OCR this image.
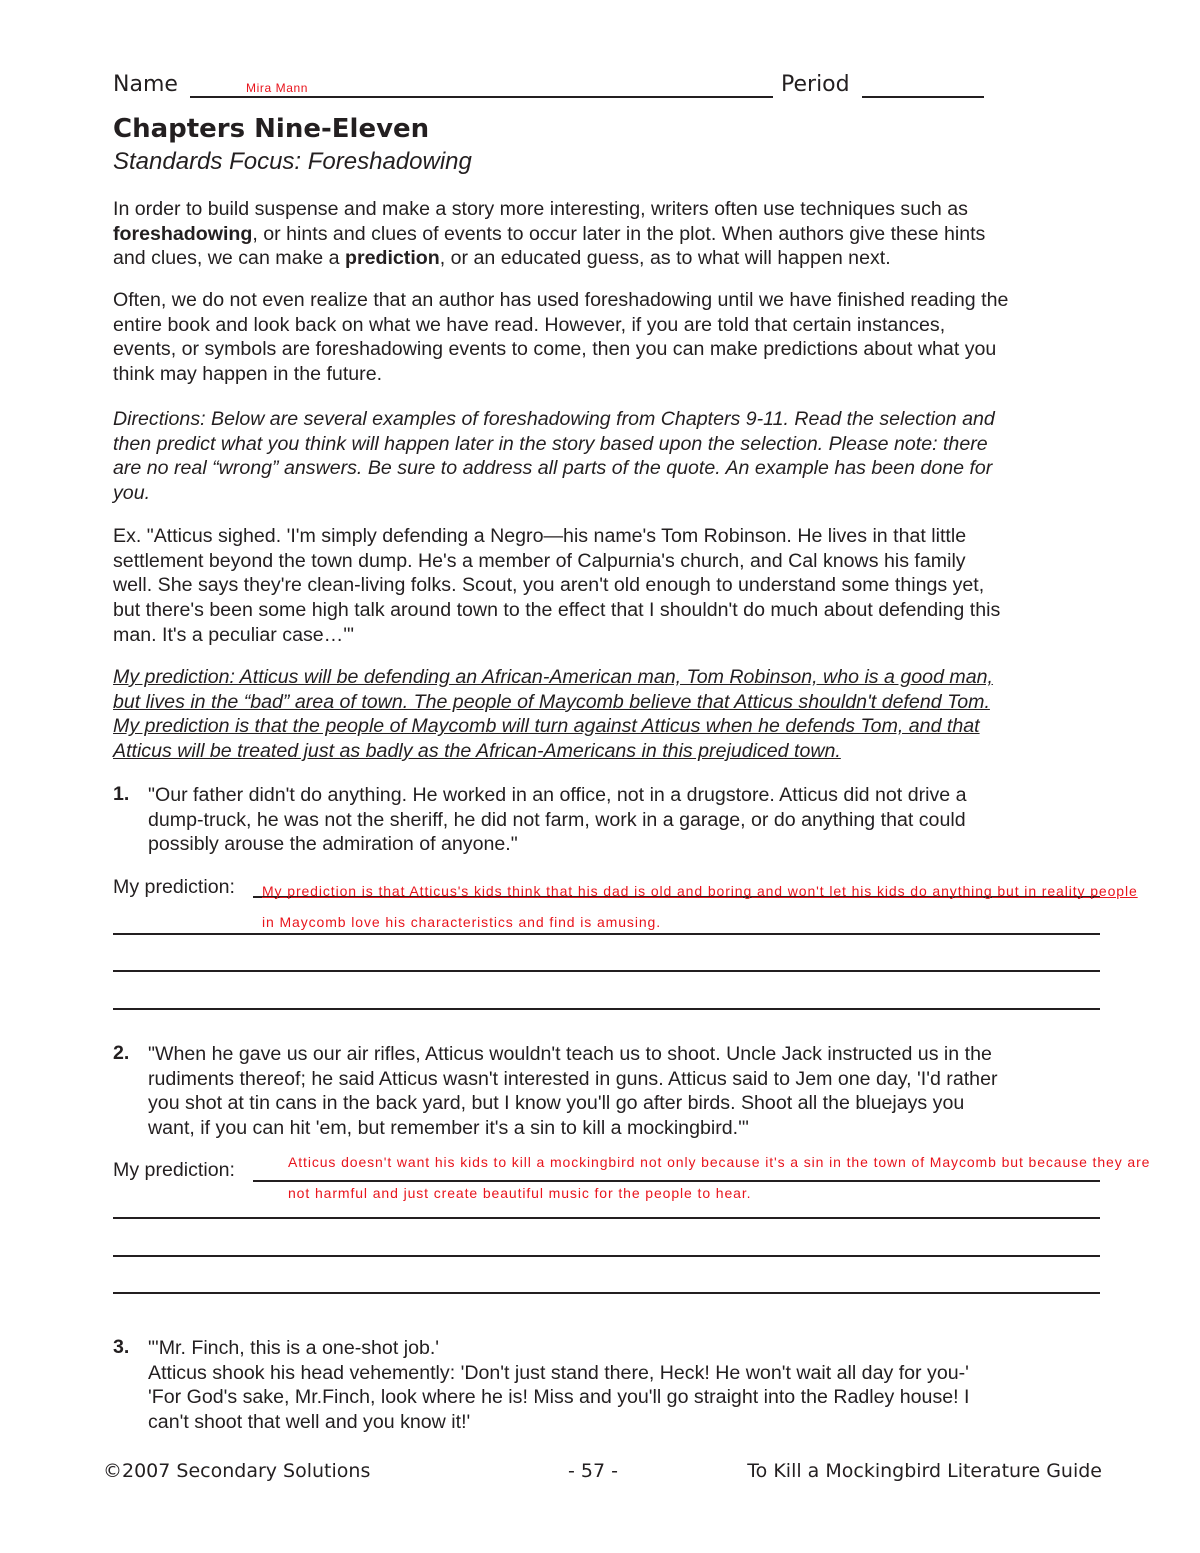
Name	Mira Mann	Period
Chapters Nine-Eleven
Standards Focus: Foreshadowing
In order to build suspense and make a story more interesting, writers often use techniques such as
foreshadowing, or hints and clues of events to occur later in the plot. When authors give these hints
and clues, we can make a prediction, or an educated guess, as to what will happen next.
Often, we do not even realize that an author has used foreshadowing until we have finished reading the
entire book and look back on what we have read. However, if you are told that certain instances,
events, or symbols are foreshadowing events to come, then you can make predictions about what you
think may happen in the future.
Directions: Below are several examples of foreshadowing from Chapters 9-11. Read the selection and
then predict what you think will happen later in the story based upon the selection. Please note: there
are no real “wrong” answers. Be sure to address all parts of the quote. An example has been done for
you.
Ex. "Atticus sighed. 'I'm simply defending a Negro—his name's Tom Robinson. He lives in that little
settlement beyond the town dump. He's a member of Calpurnia's church, and Cal knows his family
well. She says they're clean-living folks. Scout, you aren't old enough to understand some things yet,
but there's been some high talk around town to the effect that I shouldn't do much about defending this
man. It's a peculiar case…'"
My prediction: Atticus will be defending an African-American man, Tom Robinson, who is a good man,
but lives in the “bad” area of town. The people of Maycomb believe that Atticus shouldn't defend Tom.
My prediction is that the people of Maycomb will turn against Atticus when he defends Tom, and that
Atticus will be treated just as badly as the African-Americans in this prejudiced town.
1. "Our father didn't do anything. He worked in an office, not in a drugstore. Atticus did not drive a
dump-truck, he was not the sheriff, he did not farm, work in a garage, or do anything that could
possibly arouse the admiration of anyone."
My prediction: My prediction is that Atticus's kids think that his dad is old and boring and won't let his kids do anything but in reality people
in Maycomb love his characteristics and find is amusing.
2. "When he gave us our air rifles, Atticus wouldn't teach us to shoot. Uncle Jack instructed us in the
rudiments thereof; he said Atticus wasn't interested in guns. Atticus said to Jem one day, 'I'd rather
you shot at tin cans in the back yard, but I know you'll go after birds. Shoot all the bluejays you
want, if you can hit 'em, but remember it's a sin to kill a mockingbird.'"
My prediction:	Atticus doesn't want his kids to kill a mockingbird not only because it's a sin in the town of Maycomb but because they are
not harmful and just create beautiful music for the people to hear.
3. "'Mr. Finch, this is a one-shot job.'
Atticus shook his head vehemently: 'Don't just stand there, Heck! He won't wait all day for you-'
'For God's sake, Mr.Finch, look where he is! Miss and you'll go straight into the Radley house! I
can't shoot that well and you know it!'
©2007 Secondary Solutions	- 57 -	To Kill a Mockingbird Literature Guide
